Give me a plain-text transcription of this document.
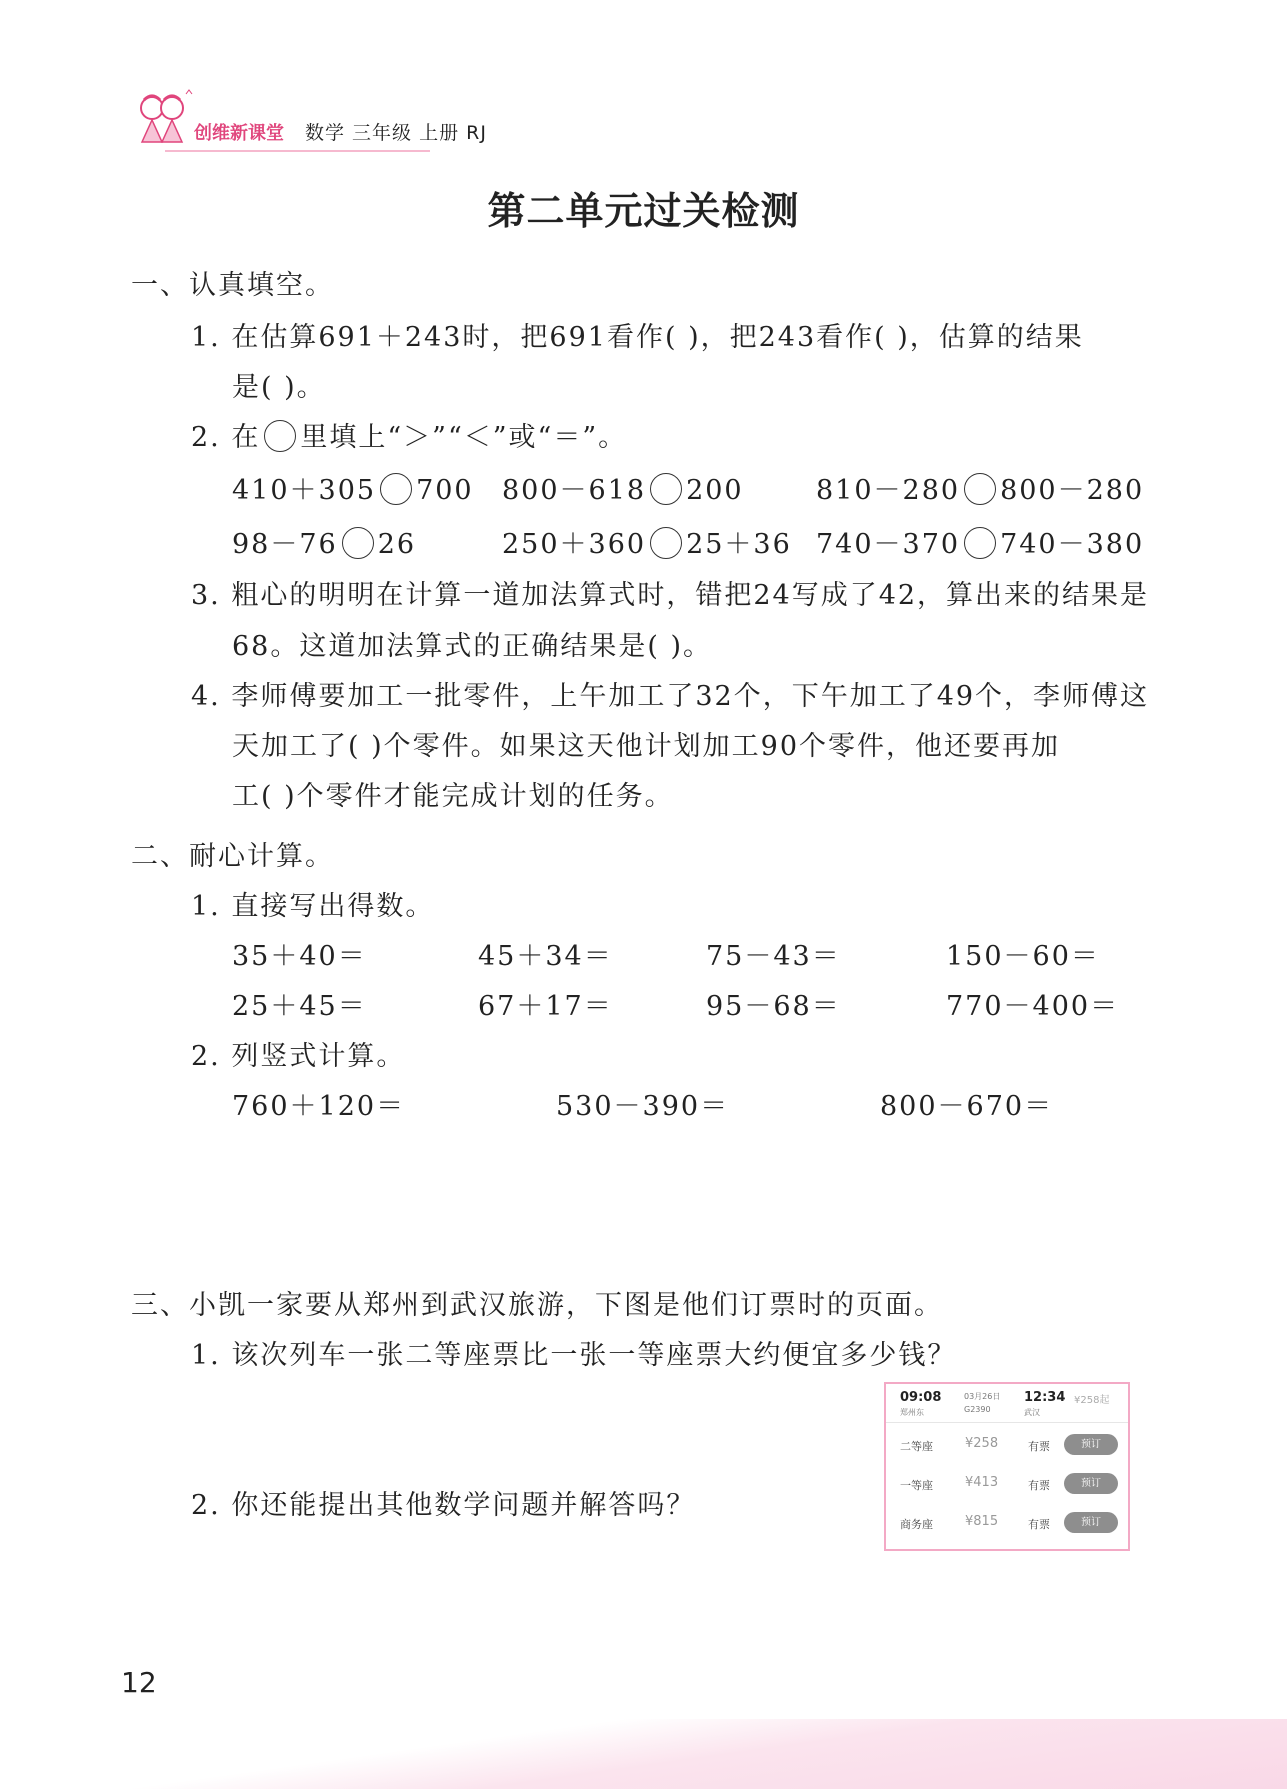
创维新课堂 数学 三年级 上册 RJ
第二单元过关检测
一、认真填空。
1. 在估算691＋243时，把691看作( )，把243看作( )，估算的结果
是( )。
2. 在 里填上“＞”“＜”或“＝”。
410＋305 700 800－618 200	810－280 800－280
98－76 26	250＋360 25＋36 740－370 740－380
3. 粗心的明明在计算一道加法算式时，错把24写成了42，算出来的结果是
68。这道加法算式的正确结果是( )。
4. 李师傅要加工一批零件，上午加工了32个，下午加工了49个，李师傅这
天加工了( )个零件。如果这天他计划加工90个零件，他还要再加
工( )个零件才能完成计划的任务。
二、耐心计算。
1. 直接写出得数。
35＋40＝	45＋34＝	75－43＝	150－60＝
25＋45＝	67＋17＝	95－68＝	770－400＝
2. 列竖式计算。
760＋120＝	530－390＝	800－670＝
三、小凯一家要从郑州到武汉旅游，下图是他们订票时的页面。
1. 该次列车一张二等座票比一张一等座票大约便宜多少钱？
2. 你还能提出其他数学问题并解答吗？
09:08
郑州东
03月26日
G2390
12:34
武汉
¥258起
二等座 ¥258	有票	预订
一等座 ¥413	有票	预订
商务座 ¥815	有票	预订
12
